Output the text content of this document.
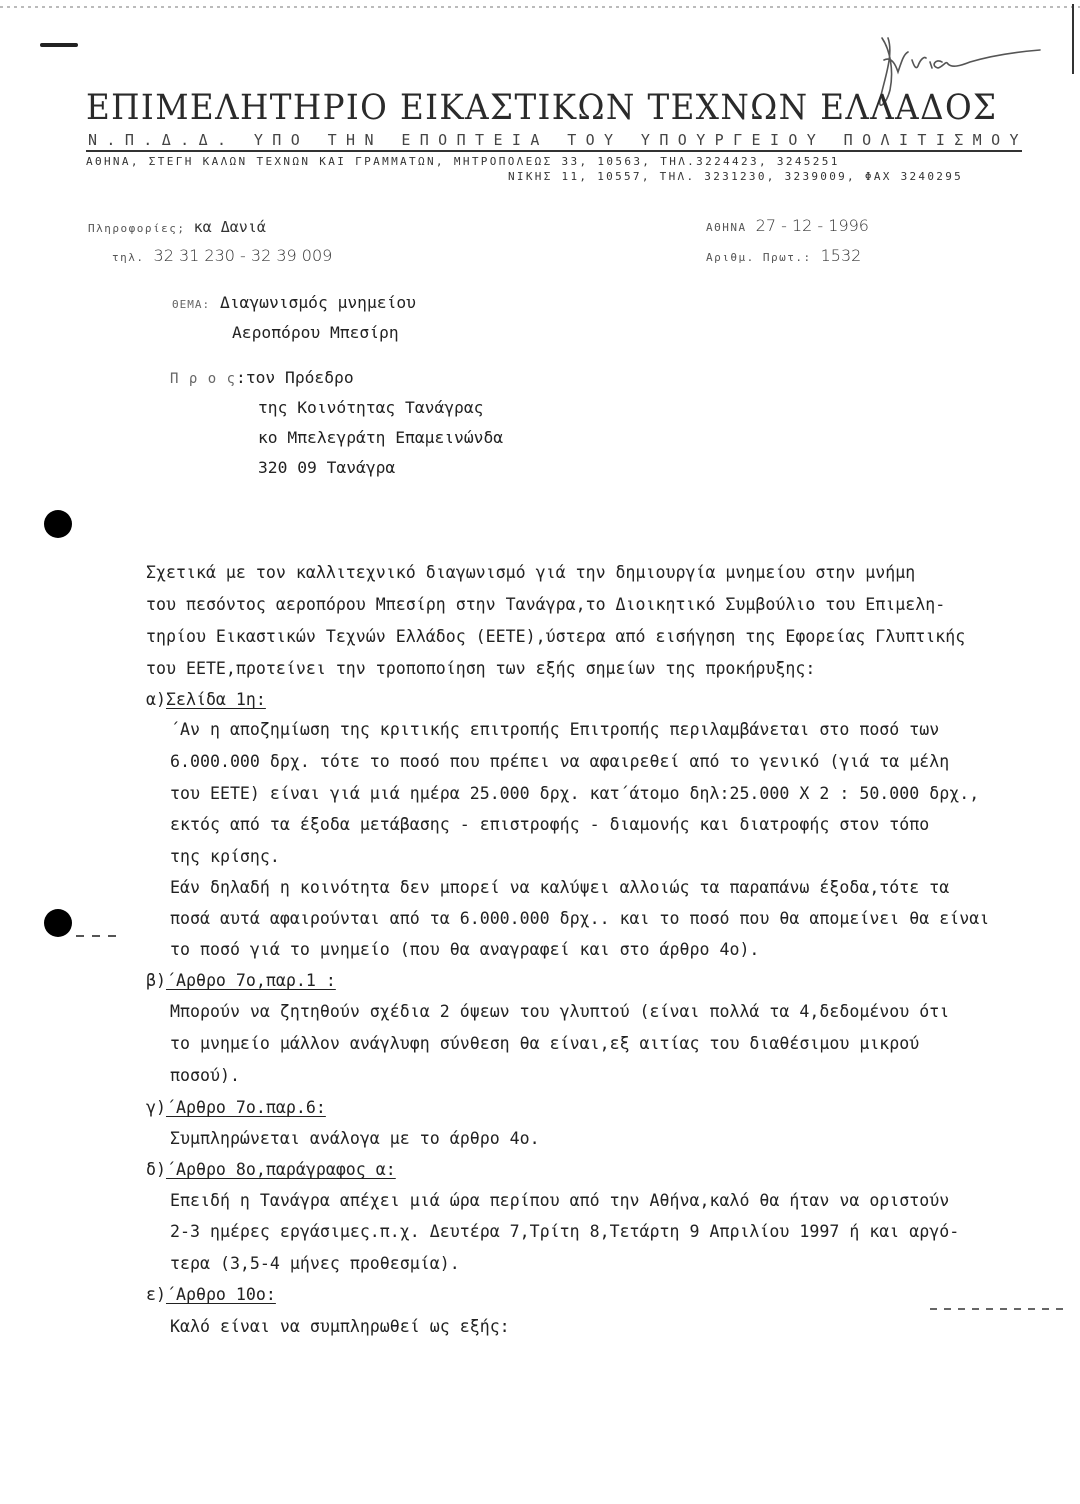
ΕΠΙΜΕΛΗΤΗΡΙΟ ΕΙΚΑΣΤΙΚΩΝ ΤΕΧΝΩΝ ΕΛΛΑΔΟΣ
Ν.Π.Δ.Δ. ΥΠΟ ΤΗΝ ΕΠΟΠΤΕΙΑ ΤΟΥ ΥΠΟΥΡΓΕΙΟΥ ΠΟΛΙΤΙΣΜΟΥ
ΑΘΗΝΑ, ΣΤΕΓΗ ΚΑΛΩΝ ΤΕΧΝΩΝ ΚΑΙ ΓΡΑΜΜΑΤΩΝ, ΜΗΤΡΟΠΟΛΕΩΣ 33, 10563, ΤΗΛ.3224423, 3245251
ΝΙΚΗΣ 11, 10557, ΤΗΛ. 3231230, 3239009, ΦΑΧ 3240295
Πληροφορίες; κα Δανιά
τηλ. 32 31 230 - 32 39 009
ΑΘΗΝΑ 27 - 12 - 1996
Αριθμ. Πρωτ.: 1532
ΘΕΜΑ: Διαγωνισμός μνημείου
Αεροπόρου Μπεσίρη
Π ρ ο ς:τον Πρόεδρο
της Κοινότητας Τανάγρας
κο Μπελεγράτη Επαμεινώνδα
320 09 Τανάγρα
Σχετικά με τον καλλιτεχνικό διαγωνισμό γιά την δημιουργία μνημείου στην μνήμη
του πεσόντος αεροπόρου Μπεσίρη στην Τανάγρα,το Διοικητικό Συμβούλιο του Επιμελη-
τηρίου Εικαστικών Τεχνών Ελλάδος (ΕΕΤΕ),ύστερα από εισήγηση της Εφορείας Γλυπτικής
του ΕΕΤΕ,προτείνει την τροποποίηση των εξής σημείων της προκήρυξης:
α)Σελίδα 1η:
΄Αν η αποζημίωση της κριτικής επιτροπής Επιτροπής περιλαμβάνεται στο ποσό των
6.000.000 δρχ. τότε το ποσό που πρέπει να αφαιρεθεί από το γενικό (γιά τα μέλη
του ΕΕΤΕ) είναι γιά μιά ημέρα 25.000 δρχ. κατ΄άτομο δηλ:25.000 Χ 2 : 50.000 δρχ.,
εκτός από τα έξοδα μετάβασης - επιστροφής - διαμονής και διατροφής στον τόπο
της κρίσης.
Εάν δηλαδή η κοινότητα δεν μπορεί να καλύψει αλλοιώς τα παραπάνω έξοδα,τότε τα
ποσά αυτά αφαιρούνται από τα 6.000.000 δρχ.. και το ποσό που θα απομείνει θα είναι
το ποσό γιά το μνημείο (που θα αναγραφεί και στο άρθρο 4ο).
β)΄Αρθρο 7ο,παρ.1 :
Μπορούν να ζητηθούν σχέδια 2 όψεων του γλυπτού (είναι πολλά τα 4,δεδομένου ότι
το μνημείο μάλλον ανάγλυφη σύνθεση θα είναι,εξ αιτίας του διαθέσιμου μικρού
ποσού).
γ)΄Αρθρο 7ο.παρ.6:
Συμπληρώνεται ανάλογα με το άρθρο 4ο.
δ)΄Αρθρο 8ο,παράγραφος α:
Επειδή η Τανάγρα απέχει μιά ώρα περίπου από την Αθήνα,καλό θα ήταν να οριστούν
2-3 ημέρες εργάσιμες.π.χ. Δευτέρα 7,Τρίτη 8,Τετάρτη 9 Απριλίου 1997 ή και αργό-
τερα (3,5-4 μήνες προθεσμία).
ε)΄Αρθρο 10ο:
Καλό είναι να συμπληρωθεί ως εξής:
